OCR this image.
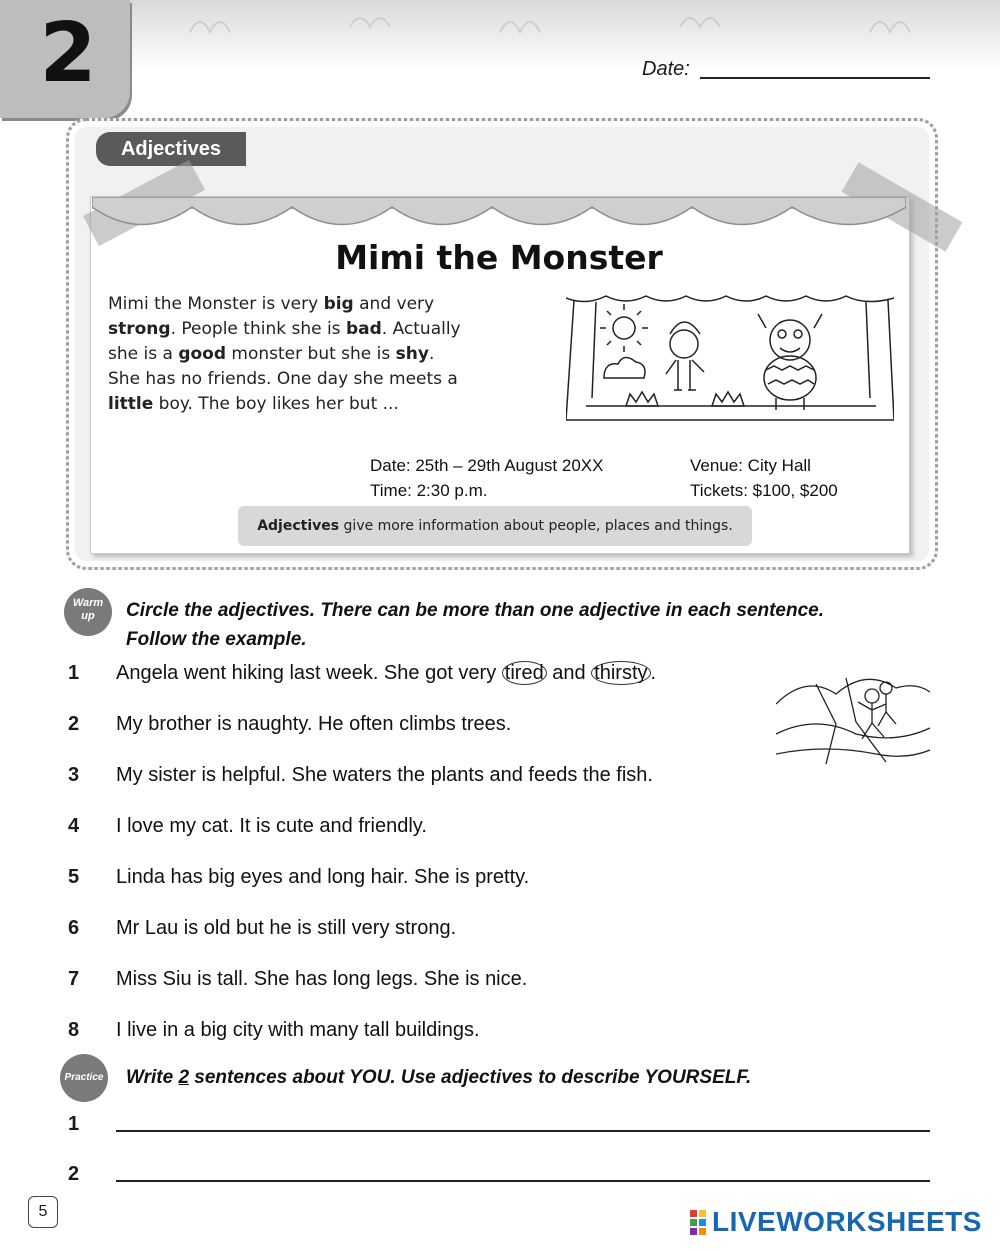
2	Date:
Adjectives
Mimi the Monster
Mimi the Monster is very big and very strong. People think she is bad. Actually she is a good monster but she is shy. She has no friends. One day she meets a little boy. The boy likes her but ...
Date: 25th – 29th August 20XX
Time: 2:30 p.m.
Venue: City Hall
Tickets: $100, $200
Adjectives give more information about people, places and things.
Warm
up	Circle the adjectives. There can be more than one adjective in each sentence.
Follow the example.
1	Angela went hiking last week. She got very tired and thirsty .
2	My brother is naughty. He often climbs trees.
3	My sister is helpful. She waters the plants and feeds the fish.
4	I love my cat. It is cute and friendly.
5	Linda has big eyes and long hair. She is pretty.
6	Mr Lau is old but he is still very strong.
7	Miss Siu is tall. She has long legs. She is nice.
8	I live in a big city with many tall buildings.
Practice Write 2 sentences about YOU. Use adjectives to describe YOURSELF.
1
2
5	LIVEWORKSHEETS
